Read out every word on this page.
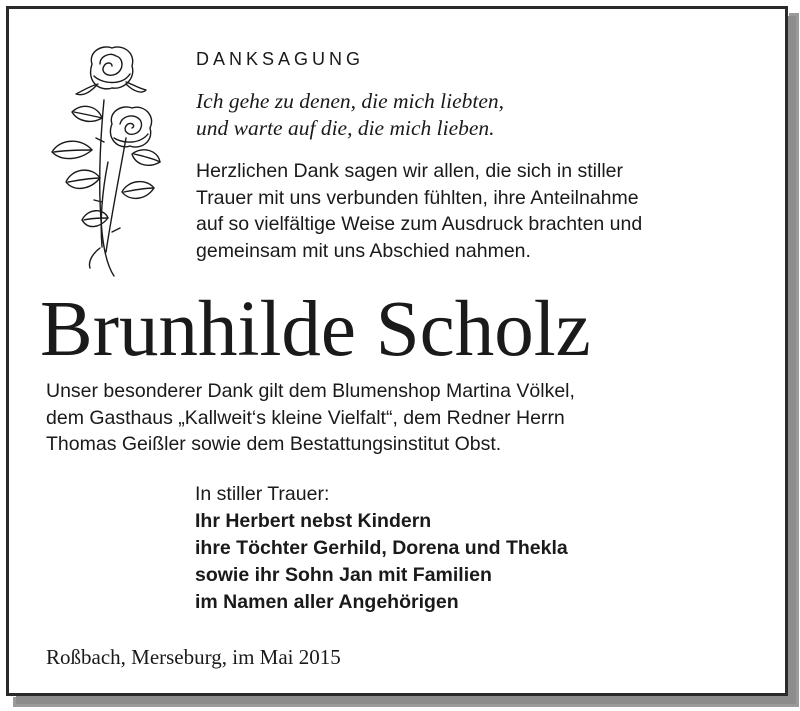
DANKSAGUNG
Ich gehe zu denen, die mich liebten,
und warte auf die, die mich lieben.
Herzlichen Dank sagen wir allen, die sich in stiller
Trauer mit uns verbunden fühlten, ihre Anteilnahme
auf so vielfältige Weise zum Ausdruck brachten und
gemeinsam mit uns Abschied nahmen.
Brunhilde Scholz
Unser besonderer Dank gilt dem Blumenshop Martina Völkel,
dem Gasthaus „Kallweit‘s kleine Vielfalt“, dem Redner Herrn
Thomas Geißler sowie dem Bestattungsinstitut Obst.
In stiller Trauer:
Ihr Herbert nebst Kindern
ihre Töchter Gerhild, Dorena und Thekla
sowie ihr Sohn Jan mit Familien
im Namen aller Angehörigen
Roßbach, Merseburg, im Mai 2015
